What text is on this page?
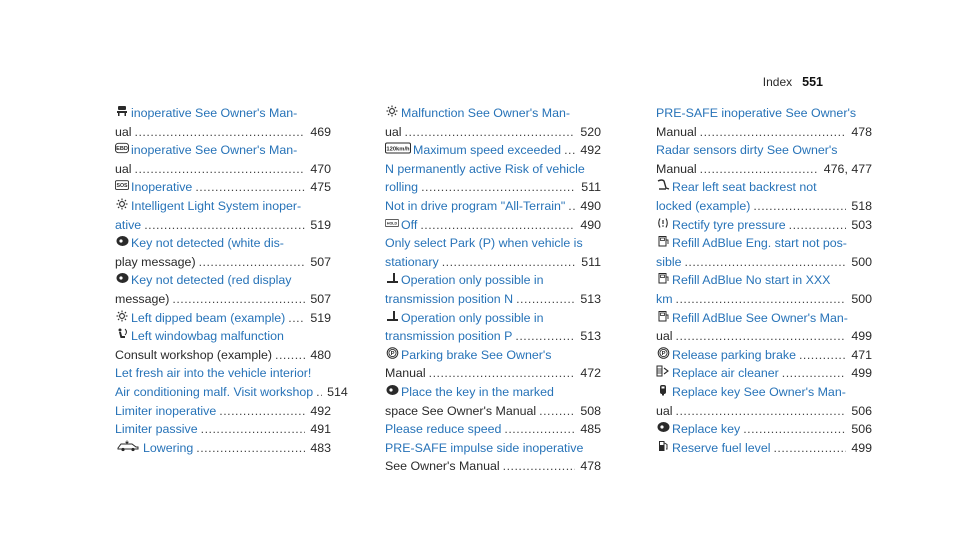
Index 551
inoperative See Owner's Man-
ual .....	469
EBD inoperative See Owner's Man-
ual .....	470
SOS Inoperative .....	475
Intelligent Light System inoper-
ative .....	519
Key not detected (white dis-
play message) .....	507
Key not detected (red display
message) .....	507
Left dipped beam (example) ..... 519
Left windowbag malfunction
Consult workshop (example) .....	480
Let fresh air into the vehicle interior!
Air conditioning malf. Visit workshop ..... 514
Limiter inoperative .....	492
Limiter passive .....	491
Lowering .....	483
Malfunction See Owner's Man-
ual .....	520
120km/h Maximum speed exceeded ..... 492
N permanently active Risk of vehicle
rolling .....	511
Not in drive program "All-Terrain" ..... 490
HOLD Off .....	490
Only select Park (P) when vehicle is
stationary .....	511
Operation only possible in
transmission position N .....	513
Operation only possible in
transmission position P .....	513
P Parking brake See Owner's
Manual .....	472
Place the key in the marked
space See Owner's Manual .....	508
Please reduce speed .....	485
PRE-SAFE impulse side inoperative
See Owner's Manual .....	478
PRE-SAFE inoperative See Owner's
Manual .....	478
Radar sensors dirty See Owner's
Manual .....	476, 477
Rear left seat backrest not
locked (example) .....	518
Rectify tyre pressure .....	503
Refill AdBlue Eng. start not pos-
sible .....	500
Refill AdBlue No start in XXX
km .....	500
Refill AdBlue See Owner's Man-
ual .....	499
P Release parking brake .....	471
Replace air cleaner .....	499
Replace key See Owner's Man-
ual .....	506
Replace key .....	506
Reserve fuel level .....	499
